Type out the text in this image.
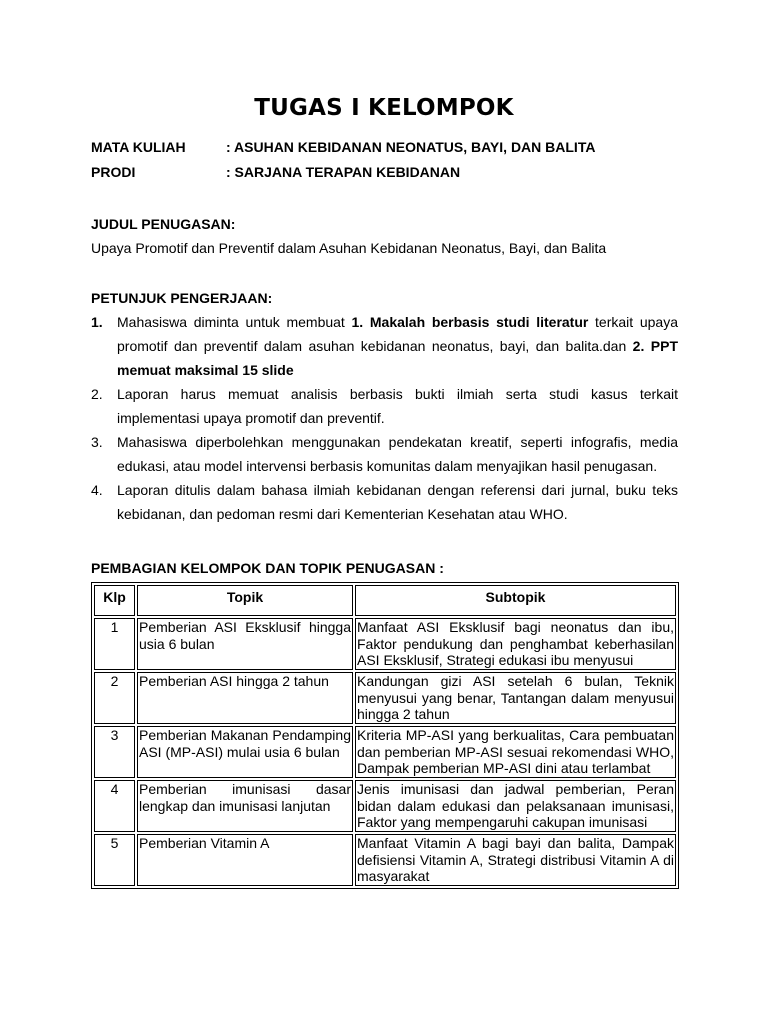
TUGAS I KELOMPOK
MATA KULIAH	: ASUHAN KEBIDANAN NEONATUS, BAYI, DAN BALITA
PRODI	: SARJANA TERAPAN KEBIDANAN
JUDUL PENUGASAN:
Upaya Promotif dan Preventif dalam Asuhan Kebidanan Neonatus, Bayi, dan Balita
PETUNJUK PENGERJAAN:
1.	Mahasiswa diminta untuk membuat 1. Makalah berbasis studi literatur terkait upaya promotif dan preventif dalam asuhan kebidanan neonatus, bayi, dan balita.dan 2. PPT memuat maksimal 15 slide
2.	Laporan harus memuat analisis berbasis bukti ilmiah serta studi kasus terkait implementasi upaya promotif dan preventif.
3.	Mahasiswa diperbolehkan menggunakan pendekatan kreatif, seperti infografis, media edukasi, atau model intervensi berbasis komunitas dalam menyajikan hasil penugasan.
4.	Laporan ditulis dalam bahasa ilmiah kebidanan dengan referensi dari jurnal, buku teks kebidanan, dan pedoman resmi dari Kementerian Kesehatan atau WHO.
PEMBAGIAN KELOMPOK DAN TOPIK PENUGASAN :
Klp	Topik	Subtopik
1	Pemberian ASI Eksklusif hingga usia 6 bulan	Manfaat ASI Eksklusif bagi neonatus dan ibu, Faktor pendukung dan penghambat keberhasilan ASI Eksklusif, Strategi edukasi ibu menyusui
2	Pemberian ASI hingga 2 tahun	Kandungan gizi ASI setelah 6 bulan, Teknik menyusui yang benar, Tantangan dalam menyusui hingga 2 tahun
3	Pemberian Makanan Pendamping ASI (MP-ASI) mulai usia 6 bulan	Kriteria MP-ASI yang berkualitas, Cara pembuatan dan pemberian MP-ASI sesuai rekomendasi WHO, Dampak pemberian MP-ASI dini atau terlambat
4	Pemberian imunisasi dasar lengkap dan imunisasi lanjutan	Jenis imunisasi dan jadwal pemberian, Peran bidan dalam edukasi dan pelaksanaan imunisasi, Faktor yang mempengaruhi cakupan imunisasi
5	Pemberian Vitamin A	Manfaat Vitamin A bagi bayi dan balita, Dampak defisiensi Vitamin A, Strategi distribusi Vitamin A di masyarakat
